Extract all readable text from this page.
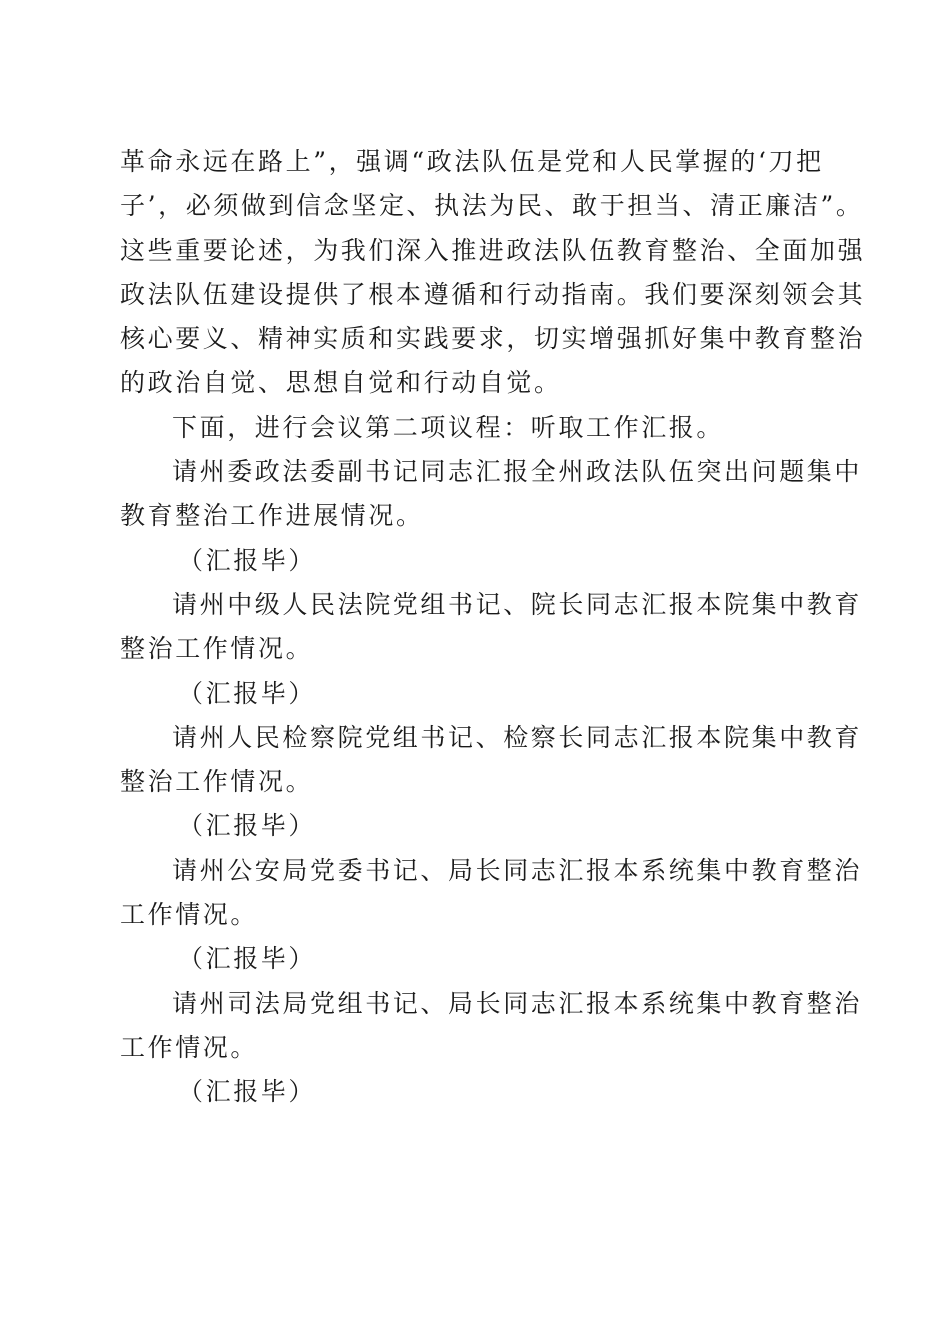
革命永远在路上”，强调“政法队伍是党和人民掌握的‘刀把
子’，必须做到信念坚定、执法为民、敢于担当、清正廉洁”。
这些重要论述，为我们深入推进政法队伍教育整治、全面加强
政法队伍建设提供了根本遵循和行动指南。我们要深刻领会其
核心要义、精神实质和实践要求，切实增强抓好集中教育整治
的政治自觉、思想自觉和行动自觉。
下面，进行会议第二项议程：听取工作汇报。
请州委政法委副书记同志汇报全州政法队伍突出问题集中
教育整治工作进展情况。
（汇报毕）
请州中级人民法院党组书记、院长同志汇报本院集中教育
整治工作情况。
（汇报毕）
请州人民检察院党组书记、检察长同志汇报本院集中教育
整治工作情况。
（汇报毕）
请州公安局党委书记、局长同志汇报本系统集中教育整治
工作情况。
（汇报毕）
请州司法局党组书记、局长同志汇报本系统集中教育整治
工作情况。
（汇报毕）
